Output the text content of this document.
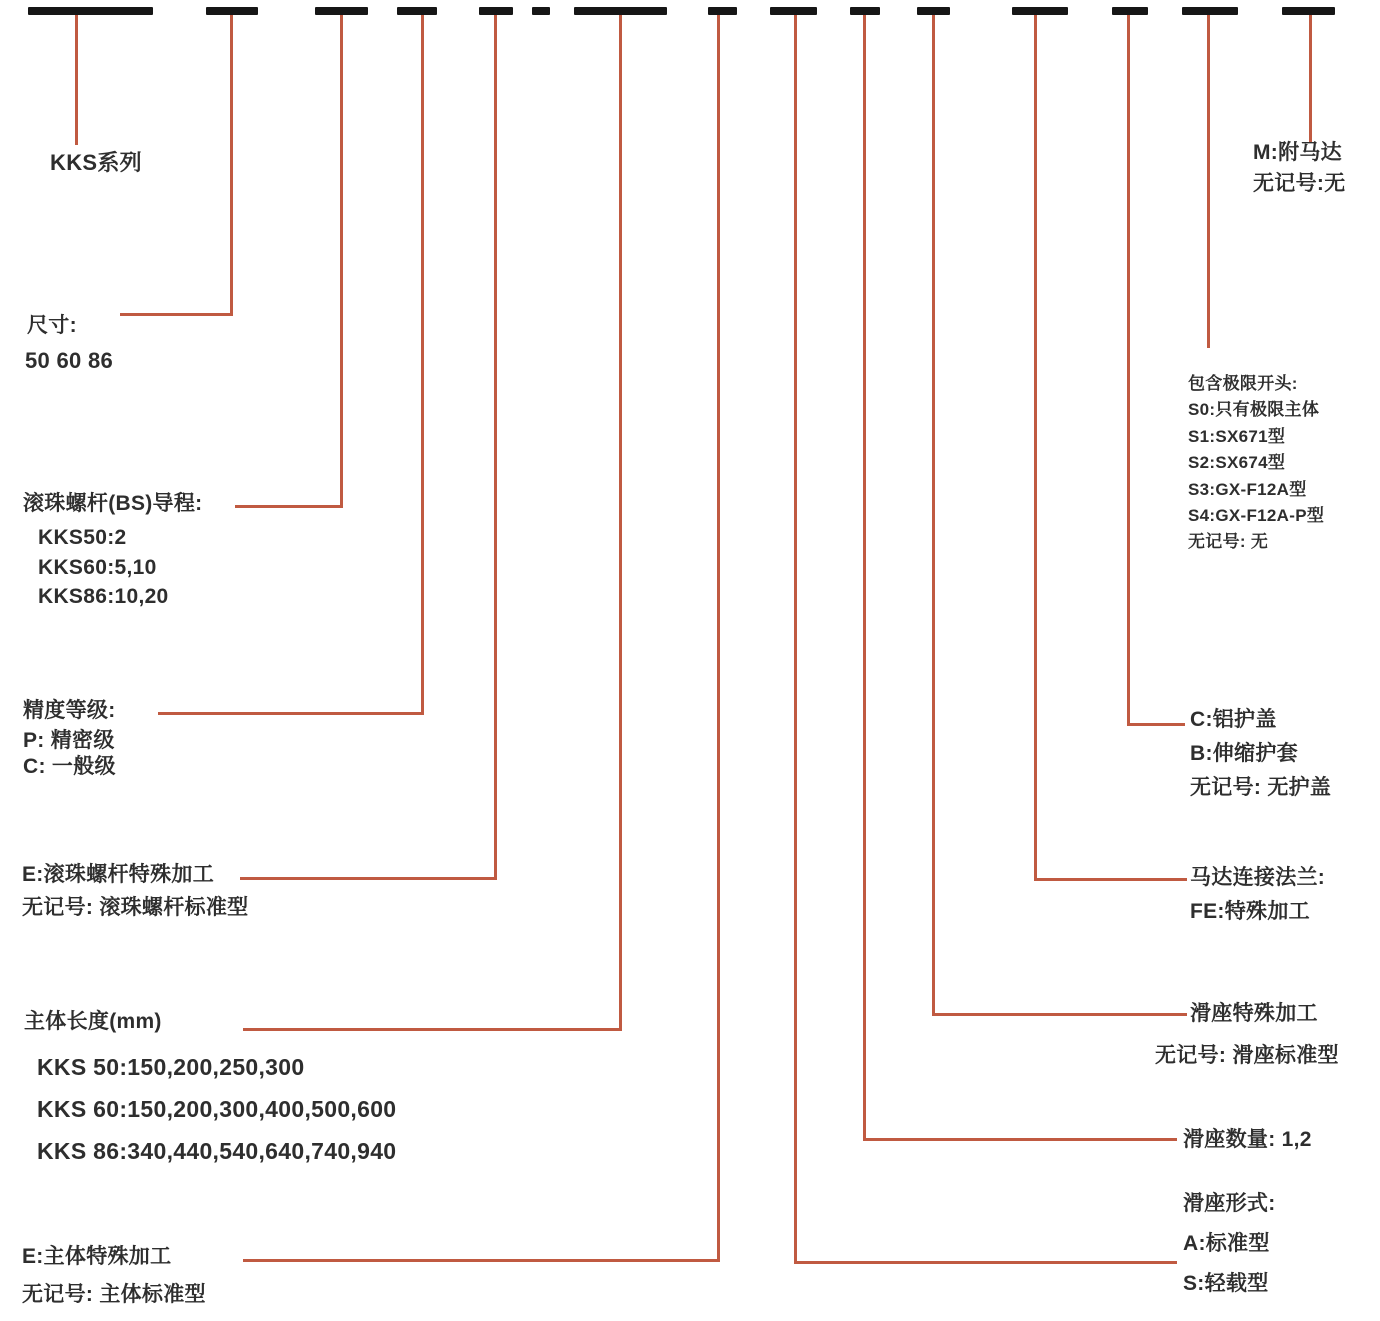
KKS系列
尺寸:
50 60 86
滚珠螺杆(BS)导程:
KKS50:2
KKS60:5,10
KKS86:10,20
精度等级:
P: 精密级
C: 一般级
E:滚珠螺杆特殊加工
无记号: 滚珠螺杆标准型
主体长度(mm)
KKS 50:150,200,250,300
KKS 60:150,200,300,400,500,600
KKS 86:340,440,540,640,740,940
E:主体特殊加工
无记号: 主体标准型
M:附马达
无记号:无
包含极限开头:
S0:只有极限主体
S1:SX671型
S2:SX674型
S3:GX-F12A型
S4:GX-F12A-P型
无记号: 无
C:铝护盖
B:伸缩护套
无记号: 无护盖
马达连接法兰:
FE:特殊加工
滑座特殊加工
无记号: 滑座标准型
滑座数量: 1,2
滑座形式:
A:标准型
S:轻载型
